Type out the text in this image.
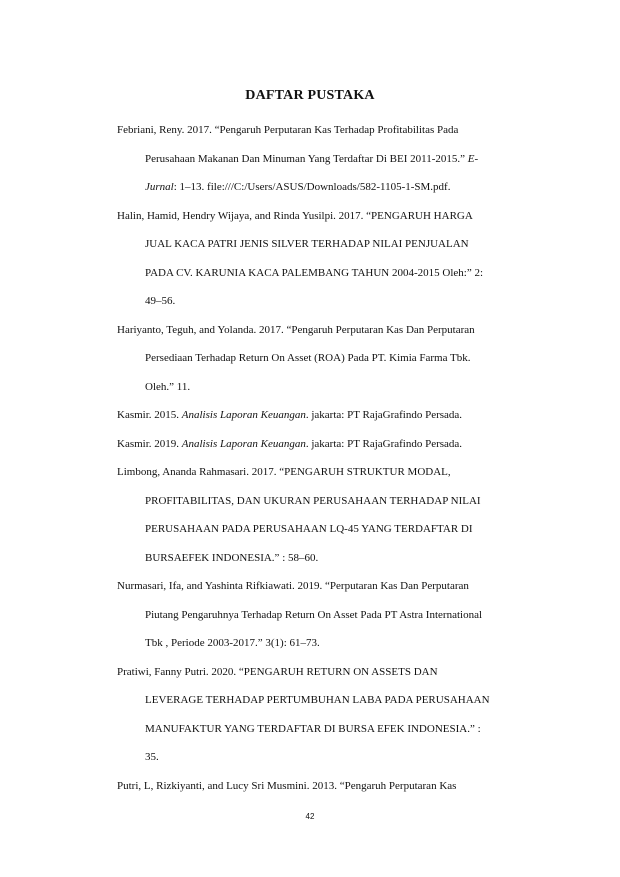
DAFTAR PUSTAKA
Febriani, Reny. 2017. “Pengaruh Perputaran Kas Terhadap Profitabilitas Pada
Perusahaan Makanan Dan Minuman Yang Terdaftar Di BEI 2011-2015.” E-
Jurnal: 1–13. file:///C:/Users/ASUS/Downloads/582-1105-1-SM.pdf.
Halin, Hamid, Hendry Wijaya, and Rinda Yusilpi. 2017. “PENGARUH HARGA
JUAL KACA PATRI JENIS SILVER TERHADAP NILAI PENJUALAN
PADA CV. KARUNIA KACA PALEMBANG TAHUN 2004-2015 Oleh:” 2:
49–56.
Hariyanto, Teguh, and Yolanda. 2017. “Pengaruh Perputaran Kas Dan Perputaran
Persediaan Terhadap Return On Asset (ROA) Pada PT. Kimia Farma Tbk.
Oleh.” 11.
Kasmir. 2015. Analisis Laporan Keuangan. jakarta: PT RajaGrafindo Persada.
Kasmir. 2019. Analisis Laporan Keuangan. jakarta: PT RajaGrafindo Persada.
Limbong, Ananda Rahmasari. 2017. “PENGARUH STRUKTUR MODAL,
PROFITABILITAS, DAN UKURAN PERUSAHAAN TERHADAP NILAI
PERUSAHAAN PADA PERUSAHAAN LQ-45 YANG TERDAFTAR DI
BURSAEFEK INDONESIA.” : 58–60.
Nurmasari, Ifa, and Yashinta Rifkiawati. 2019. “Perputaran Kas Dan Perputaran
Piutang Pengaruhnya Terhadap Return On Asset Pada PT Astra International
Tbk , Periode 2003-2017.” 3(1): 61–73.
Pratiwi, Fanny Putri. 2020. “PENGARUH RETURN ON ASSETS DAN
LEVERAGE TERHADAP PERTUMBUHAN LABA PADA PERUSAHAAN
MANUFAKTUR YANG TERDAFTAR DI BURSA EFEK INDONESIA.” :
35.
Putri, L, Rizkiyanti, and Lucy Sri Musmini. 2013. “Pengaruh Perputaran Kas
42
